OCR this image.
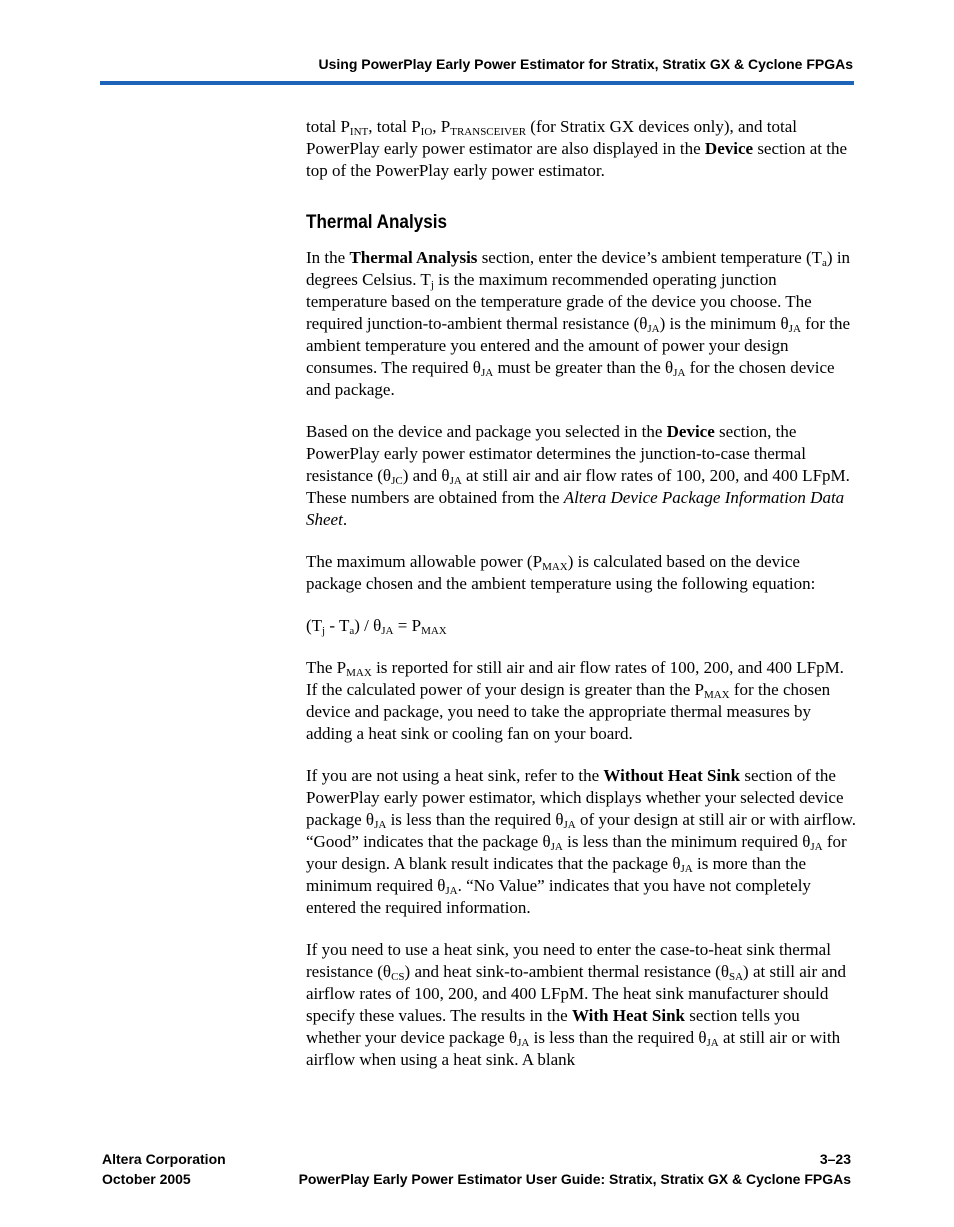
Using PowerPlay Early Power Estimator for Stratix, Stratix GX & Cyclone FPGAs

total $P_{INT}$, total $P_{IO}$, $P_{TRANSCEIVER}$ (for Stratix GX devices only), and total PowerPlay early power estimator are also displayed in the Device section at the top of the PowerPlay early power estimator.

Thermal Analysis

In the Thermal Analysis section, enter the device’s ambient temperature $(T_a)$ in degrees Celsius. $T_j$ is the maximum recommended operating junction temperature based on the temperature grade of the device you choose. The required junction-to-ambient thermal resistance $(\theta_{JA})$ is the minimum $\theta_{JA}$ for the ambient temperature you entered and the amount of power your design consumes. The required $\theta_{JA}$ must be greater than the $\theta_{JA}$ for the chosen device and package.

Based on the device and package you selected in the Device section, the PowerPlay early power estimator determines the junction-to-case thermal resistance $(\theta_{JC})$ and $\theta_{JA}$ at still air and air flow rates of 100, 200, and 400 LFpM. These numbers are obtained from the Altera Device Package Information Data Sheet.

The maximum allowable power $(P_{MAX})$ is calculated based on the device package chosen and the ambient temperature using the following equation:

$(T_j - T_a) / \theta_{JA} = P_{MAX}$

The $P_{MAX}$ is reported for still air and air flow rates of 100, 200, and 400 LFpM. If the calculated power of your design is greater than the $P_{MAX}$ for the chosen device and package, you need to take the appropriate thermal measures by adding a heat sink or cooling fan on your board.

If you are not using a heat sink, refer to the Without Heat Sink section of the PowerPlay early power estimator, which displays whether your selected device package $\theta_{JA}$ is less than the required $\theta_{JA}$ of your design at still air or with airflow. “Good” indicates that the package $\theta_{JA}$ is less than the minimum required $\theta_{JA}$ for your design. A blank result indicates that the package $\theta_{JA}$ is more than the minimum required $\theta_{JA}$. “No Value” indicates that you have not completely entered the required information.

If you need to use a heat sink, you need to enter the case-to-heat sink thermal resistance $(\theta_{CS})$ and heat sink-to-ambient thermal resistance $(\theta_{SA})$ at still air and airflow rates of 100, 200, and 400 LFpM. The heat sink manufacturer should specify these values. The results in the With Heat Sink section tells you whether your device package $\theta_{JA}$ is less than the required $\theta_{JA}$ at still air or with airflow when using a heat sink. A blank

Altera Corporation	3–23
October 2005	PowerPlay Early Power Estimator User Guide: Stratix, Stratix GX & Cyclone FPGAs
